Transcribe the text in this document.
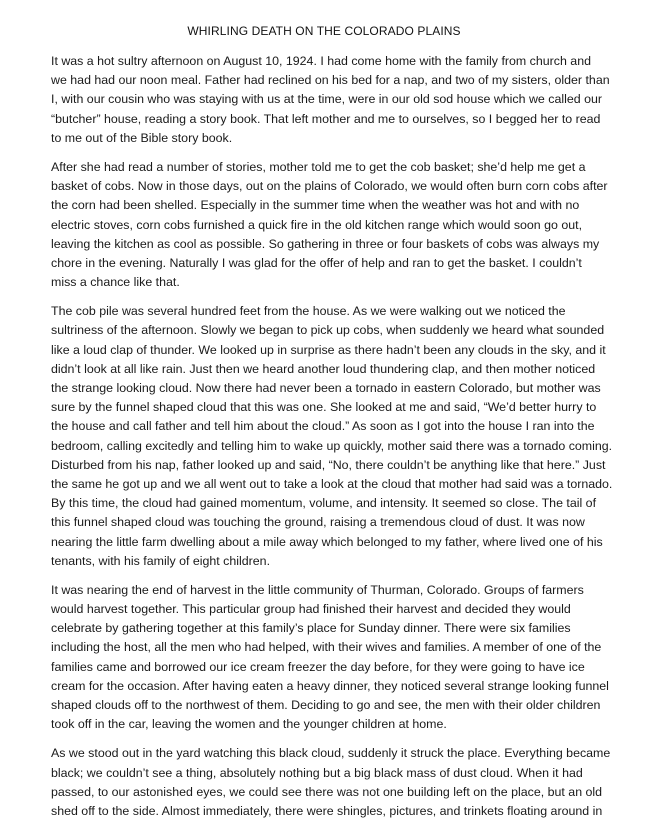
WHIRLING DEATH ON THE COLORADO PLAINS
It was a hot sultry afternoon on August 10, 1924. I had come home with the family from church and
we had had our noon meal. Father had reclined on his bed for a nap, and two of my sisters, older than
I, with our cousin who was staying with us at the time, were in our old sod house which we called our
“butcher” house, reading a story book. That left mother and me to ourselves, so I begged her to read
to me out of the Bible story book.
After she had read a number of stories, mother told me to get the cob basket; she’d help me get a
basket of cobs. Now in those days, out on the plains of Colorado, we would often burn corn cobs after
the corn had been shelled. Especially in the summer time when the weather was hot and with no
electric stoves, corn cobs furnished a quick fire in the old kitchen range which would soon go out,
leaving the kitchen as cool as possible. So gathering in three or four baskets of cobs was always my
chore in the evening. Naturally I was glad for the offer of help and ran to get the basket. I couldn’t
miss a chance like that.
The cob pile was several hundred feet from the house. As we were walking out we noticed the
sultriness of the afternoon. Slowly we began to pick up cobs, when suddenly we heard what sounded
like a loud clap of thunder. We looked up in surprise as there hadn’t been any clouds in the sky, and it
didn’t look at all like rain. Just then we heard another loud thundering clap, and then mother noticed
the strange looking cloud. Now there had never been a tornado in eastern Colorado, but mother was
sure by the funnel shaped cloud that this was one. She looked at me and said, “We’d better hurry to
the house and call father and tell him about the cloud.” As soon as I got into the house I ran into the
bedroom, calling excitedly and telling him to wake up quickly, mother said there was a tornado coming.
Disturbed from his nap, father looked up and said, “No, there couldn’t be anything like that here.” Just
the same he got up and we all went out to take a look at the cloud that mother had said was a tornado.
By this time, the cloud had gained momentum, volume, and intensity. It seemed so close. The tail of
this funnel shaped cloud was touching the ground, raising a tremendous cloud of dust. It was now
nearing the little farm dwelling about a mile away which belonged to my father, where lived one of his
tenants, with his family of eight children.
It was nearing the end of harvest in the little community of Thurman, Colorado. Groups of farmers
would harvest together. This particular group had finished their harvest and decided they would
celebrate by gathering together at this family’s place for Sunday dinner. There were six families
including the host, all the men who had helped, with their wives and families. A member of one of the
families came and borrowed our ice cream freezer the day before, for they were going to have ice
cream for the occasion. After having eaten a heavy dinner, they noticed several strange looking funnel
shaped clouds off to the northwest of them. Deciding to go and see, the men with their older children
took off in the car, leaving the women and the younger children at home.
As we stood out in the yard watching this black cloud, suddenly it struck the place. Everything became
black; we couldn’t see a thing, absolutely nothing but a big black mass of dust cloud. When it had
passed, to our astonished eyes, we could see there was not one building left on the place, but an old
shed off to the side. Almost immediately, there were shingles, pictures, and trinkets floating around in
